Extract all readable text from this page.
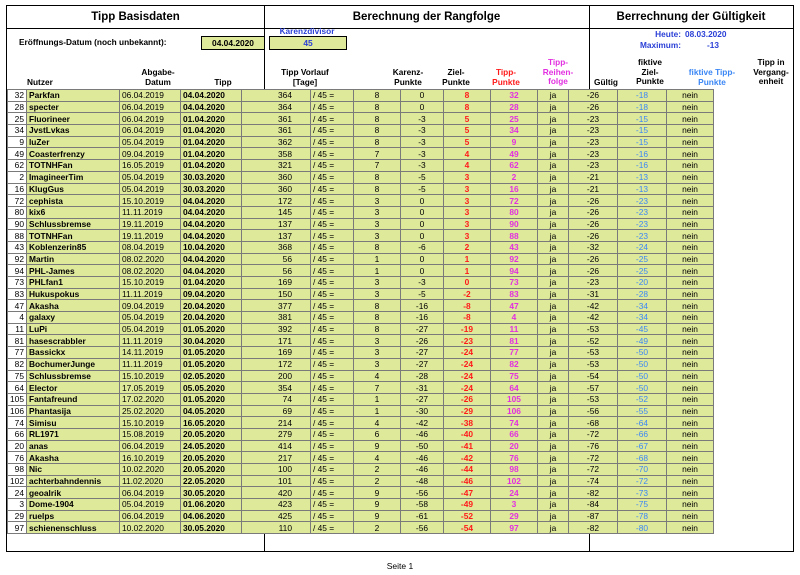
Tipp Basisdaten	Berechnung der Rangfolge	Berrechnung der Gültigkeit
Eröffnungs-Datum (noch unbekannt):	04.04.2020
Karenzdivisor
45
Heute: 08.03.2020
Maximum:	-13
Nutzer
Abgabe-
Datum	Tipp
Tipp Vorlauf
[Tage]
Karenz-
Punkte
Ziel-
Punkte
Tipp-
Punkte
Tipp-
Reihen-
folge	Gültig
fiktive
Ziel-
Punkte
fiktive Tipp-
Punkte
Tipp in
Vergang-
enheit
32	Parkfan	06.04.2019	04.04.2020	364	/ 45 =	8	0	8	32	ja	-26	-18	nein
28	specter	06.04.2019	04.04.2020	364	/ 45 =	8	0	8	28	ja	-26	-18	nein
25	Fluorineer	06.04.2019	01.04.2020	361	/ 45 =	8	-3	5	25	ja	-23	-15	nein
34	JvstLvkas	06.04.2019	01.04.2020	361	/ 45 =	8	-3	5	34	ja	-23	-15	nein
9	luZer	05.04.2019	01.04.2020	362	/ 45 =	8	-3	5	9	ja	-23	-15	nein
49	Coasterfrenzy	09.04.2019	01.04.2020	358	/ 45 =	7	-3	4	49	ja	-23	-16	nein
62	TOTNHFan	16.05.2019	01.04.2020	321	/ 45 =	7	-3	4	62	ja	-23	-16	nein
2	ImagineerTim	05.04.2019	30.03.2020	360	/ 45 =	8	-5	3	2	ja	-21	-13	nein
16	KlugGus	05.04.2019	30.03.2020	360	/ 45 =	8	-5	3	16	ja	-21	-13	nein
72	cephista	15.10.2019	04.04.2020	172	/ 45 =	3	0	3	72	ja	-26	-23	nein
80	kix6	11.11.2019	04.04.2020	145	/ 45 =	3	0	3	80	ja	-26	-23	nein
90	Schlussbremse	19.11.2019	04.04.2020	137	/ 45 =	3	0	3	90	ja	-26	-23	nein
88	TOTNHFan	19.11.2019	04.04.2020	137	/ 45 =	3	0	3	88	ja	-26	-23	nein
43	Koblenzerin85	08.04.2019	10.04.2020	368	/ 45 =	8	-6	2	43	ja	-32	-24	nein
92	Martin	08.02.2020	04.04.2020	56	/ 45 =	1	0	1	92	ja	-26	-25	nein
94	PHL-James	08.02.2020	04.04.2020	56	/ 45 =	1	0	1	94	ja	-26	-25	nein
73	PHLfan1	15.10.2019	01.04.2020	169	/ 45 =	3	-3	0	73	ja	-23	-20	nein
83	Hukuspokus	11.11.2019	09.04.2020	150	/ 45 =	3	-5	-2	83	ja	-31	-28	nein
47	Akasha	09.04.2019	20.04.2020	377	/ 45 =	8	-16	-8	47	ja	-42	-34	nein
4	galaxy	05.04.2019	20.04.2020	381	/ 45 =	8	-16	-8	4	ja	-42	-34	nein
11	LuPi	05.04.2019	01.05.2020	392	/ 45 =	8	-27	-19	11	ja	-53	-45	nein
81	hasescrabbler	11.11.2019	30.04.2020	171	/ 45 =	3	-26	-23	81	ja	-52	-49	nein
77	Bassickx	14.11.2019	01.05.2020	169	/ 45 =	3	-27	-24	77	ja	-53	-50	nein
82	BochumerJunge	11.11.2019	01.05.2020	172	/ 45 =	3	-27	-24	82	ja	-53	-50	nein
75	Schlussbremse	15.10.2019	02.05.2020	200	/ 45 =	4	-28	-24	75	ja	-54	-50	nein
64	Elector	17.05.2019	05.05.2020	354	/ 45 =	7	-31	-24	64	ja	-57	-50	nein
105	Fantafreund	17.02.2020	01.05.2020	74	/ 45 =	1	-27	-26	105	ja	-53	-52	nein
106	Phantasija	25.02.2020	04.05.2020	69	/ 45 =	1	-30	-29	106	ja	-56	-55	nein
74	Simisu	15.10.2019	16.05.2020	214	/ 45 =	4	-42	-38	74	ja	-68	-64	nein
66	RL1971	15.08.2019	20.05.2020	279	/ 45 =	6	-46	-40	66	ja	-72	-66	nein
20	anas	06.04.2019	24.05.2020	414	/ 45 =	9	-50	-41	20	ja	-76	-67	nein
76	Akasha	16.10.2019	20.05.2020	217	/ 45 =	4	-46	-42	76	ja	-72	-68	nein
98	Nic	10.02.2020	20.05.2020	100	/ 45 =	2	-46	-44	98	ja	-72	-70	nein
102	achterbahndennis	11.02.2020	22.05.2020	101	/ 45 =	2	-48	-46	102	ja	-74	-72	nein
24	geoalrik	06.04.2019	30.05.2020	420	/ 45 =	9	-56	-47	24	ja	-82	-73	nein
3	Dome-1904	05.04.2019	01.06.2020	423	/ 45 =	9	-58	-49	3	ja	-84	-75	nein
29	ruelps	06.04.2019	04.06.2020	425	/ 45 =	9	-61	-52	29	ja	-87	-78	nein
97	schienenschluss	10.02.2020	30.05.2020	110	/ 45 =	2	-56	-54	97	ja	-82	-80	nein
Seite 1
